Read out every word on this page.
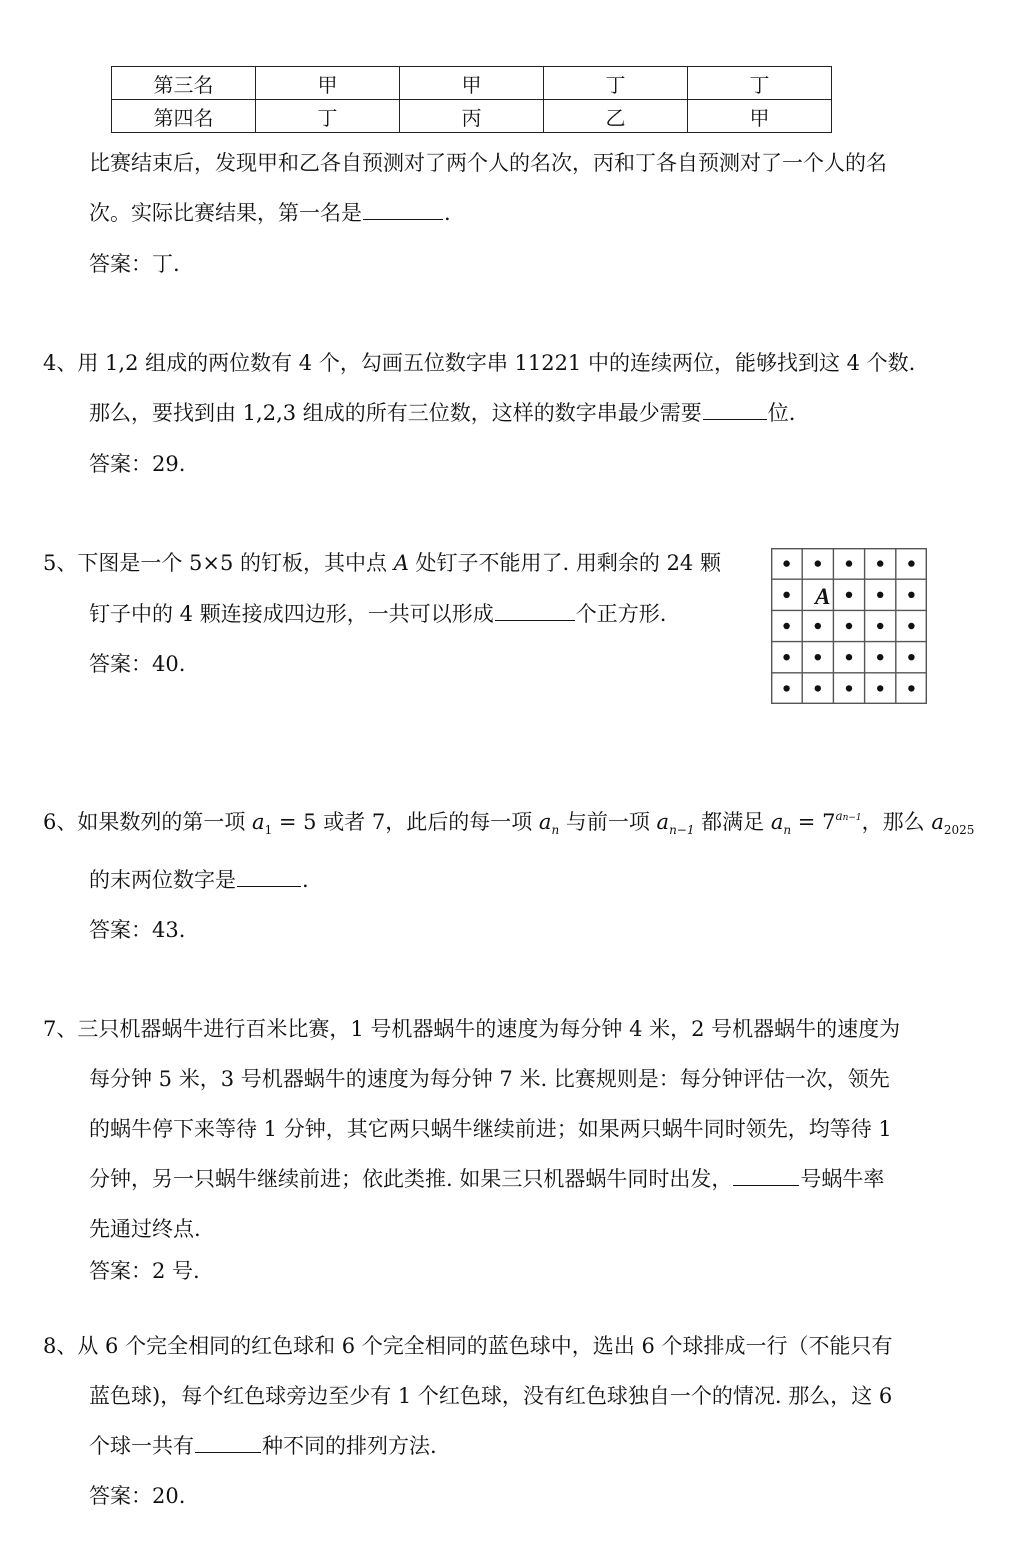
第三名	甲	甲	丁	丁
第四名	丁	丙	乙	甲
比赛结束后，发现甲和乙各自预测对了两个人的名次，丙和丁各自预测对了一个人的名
次。实际比赛结果，第一名是	.
答案：丁.
4、用 1,2 组成的两位数有 4 个，勾画五位数字串 11221 中的连续两位，能够找到这 4 个数.
那么，要找到由 1,2,3 组成的所有三位数，这样的数字串最少需要	位.
答案：29.
5、下图是一个 5×5 的钉板，其中点 A 处钉子不能用了. 用剩余的 24 颗
钉子中的 4 颗连接成四边形，一共可以形成	个正方形.
答案：40.
A
6、如果数列的第一项 $a_1 = 5$ 或者 7，此后的每一项 $a_n$ 与前一项 $a_{n-1}$ 都满足 $a_n = 7^{an-1}$，那么 $a_{2025}$
的末两位数字是	.
答案：43.
7、三只机器蜗牛进行百米比赛，1 号机器蜗牛的速度为每分钟 4 米，2 号机器蜗牛的速度为
每分钟 5 米，3 号机器蜗牛的速度为每分钟 7 米. 比赛规则是：每分钟评估一次，领先
的蜗牛停下来等待 1 分钟，其它两只蜗牛继续前进；如果两只蜗牛同时领先，均等待 1
分钟，另一只蜗牛继续前进；依此类推. 如果三只机器蜗牛同时出发，	号蜗牛率
先通过终点.
答案：2 号.
8、从 6 个完全相同的红色球和 6 个完全相同的蓝色球中，选出 6 个球排成一行（不能只有
蓝色球)，每个红色球旁边至少有 1 个红色球，没有红色球独自一个的情况. 那么，这 6
个球一共有	种不同的排列方法.
答案：20.
